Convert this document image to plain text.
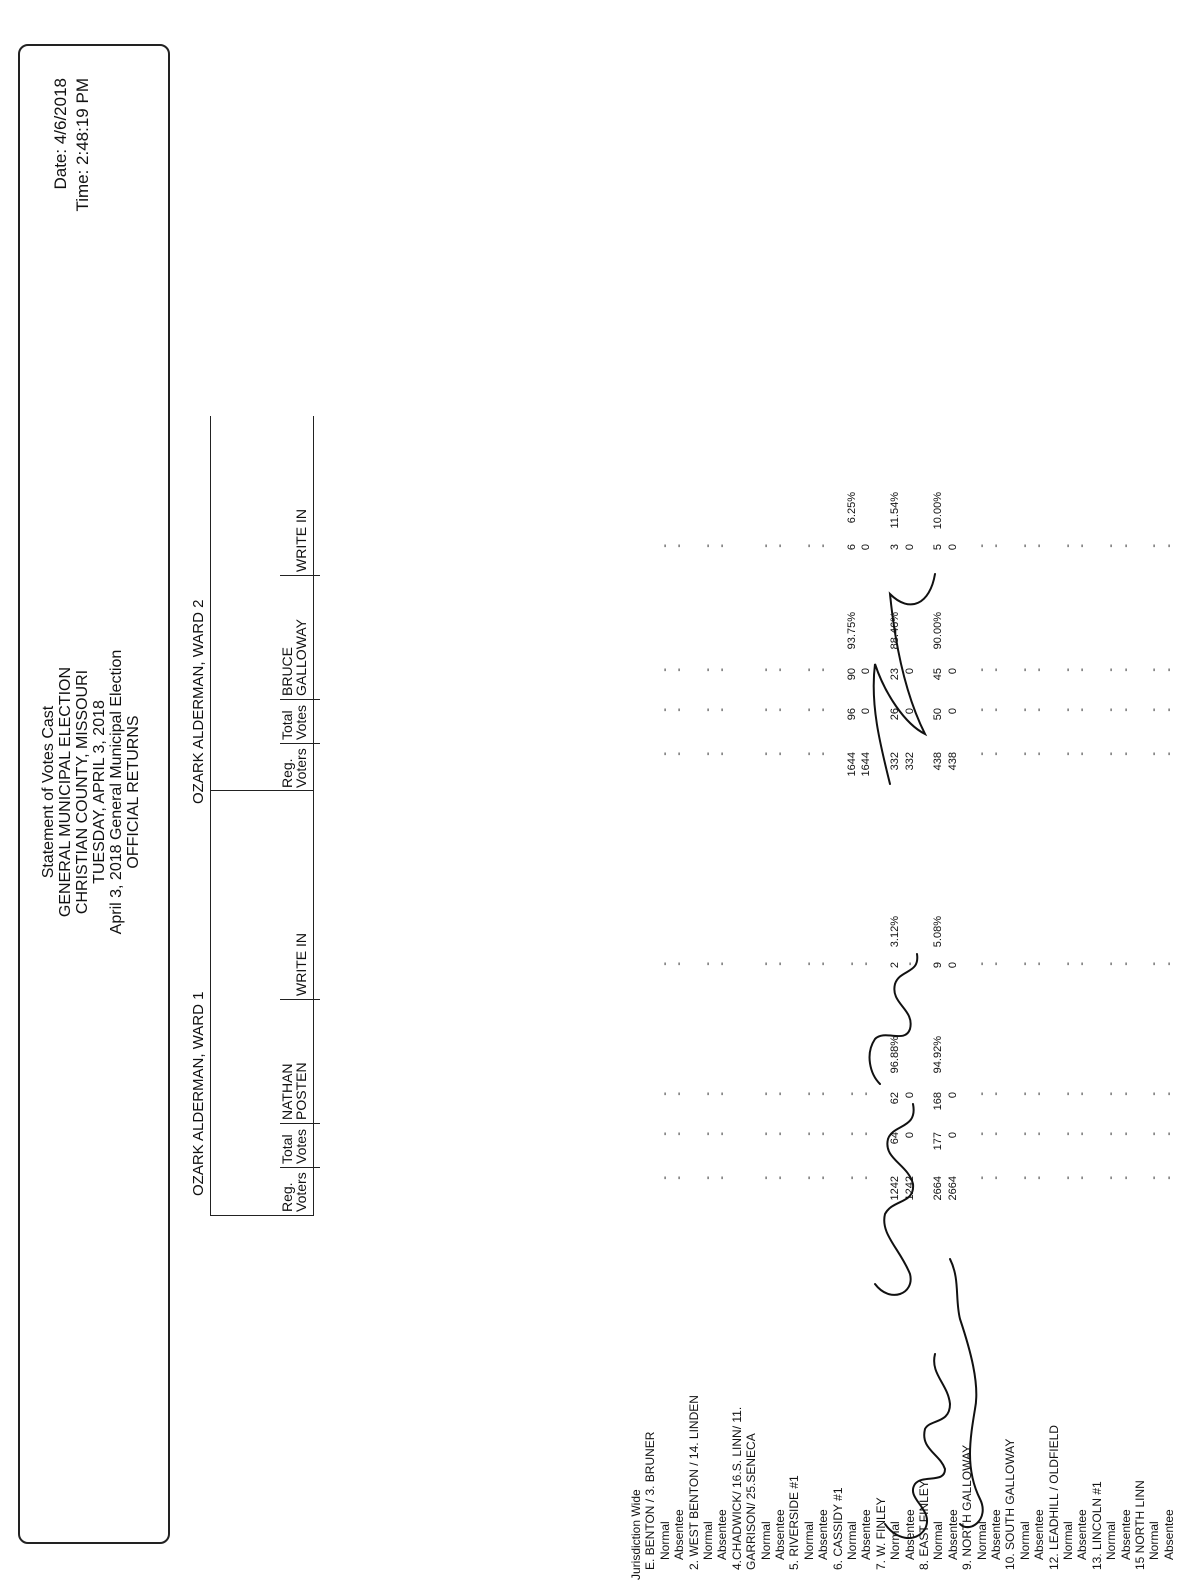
Statement of Votes Cast GENERAL MUNICIPAL ELECTION CHRISTIAN COUNTY, MISSOURI TUESDAY, APRIL 3, 2018 April 3, 2018 General Municipal Election OFFICIAL RETURNS
Date: 4/6/2018 Time: 2:48:19 PM
OZARK ALDERMAN, WARD 1
OZARK ALDERMAN, WARD 2
Reg.
Voters
Total
Votes
NATHAN
POSTEN
WRITE IN
Reg.
Voters
Total
Votes
BRUCE
GALLOWAY
WRITE IN
Jurisdiction Wide E. BENTON / 3. BRUNER Normal
-
-
-
-
-
-
-
-
Absentee
-
-
-
-
-
-
-
-
2. WEST BENTON / 14. LINDEN Normal
-
-
-
-
-
-
-
-
Absentee
-
-
-
-
-
-
-
-
4.CHADWICK/ 16.S. LINN/ 11. GARRISON/ 25.SENECA Normal
-
-
-
-
-
-
-
-
Absentee
-
-
-
-
-
-
-
-
5. RIVERSIDE #1 Normal
-
-
-
-
-
-
-
-
Absentee
-
-
-
-
-
-
-
-
6. CASSIDY #1 Normal
-
-
-
-
1644
96
90
93.75%
6
6.25%
Absentee
-
-
-
-
1644
0
0
0
7. W. FINLEY Normal
1242
64
62
96.88%
2
3.12%
332
26
23
88.46%
3
11.54%
Absentee
1242
0
0
-
332
0
0
0
8. EAST FINLEY Normal
2664
177
168
94.92%
9
5.08%
438
50
45
90.00%
5
10.00%
Absentee
2664
0
0
0
438
0
0
0
9. NORTH GALLOWAY Normal
-
-
-
-
-
-
-
-
Absentee
-
-
-
-
-
-
-
-
10. SOUTH GALLOWAY Normal
-
-
-
-
-
-
-
-
Absentee
-
-
-
-
-
-
-
-
12. LEADHILL / OLDFIELD Normal
-
-
-
-
-
-
-
-
Absentee
-
-
-
-
-
-
-
-
13. LINCOLN #1 Normal
-
-
-
-
-
-
-
-
Absentee
-
-
-
-
-
-
-
-
15 NORTH LINN Normal
-
-
-
-
-
-
-
-
Absentee
-
-
-
-
-
-
-
-
